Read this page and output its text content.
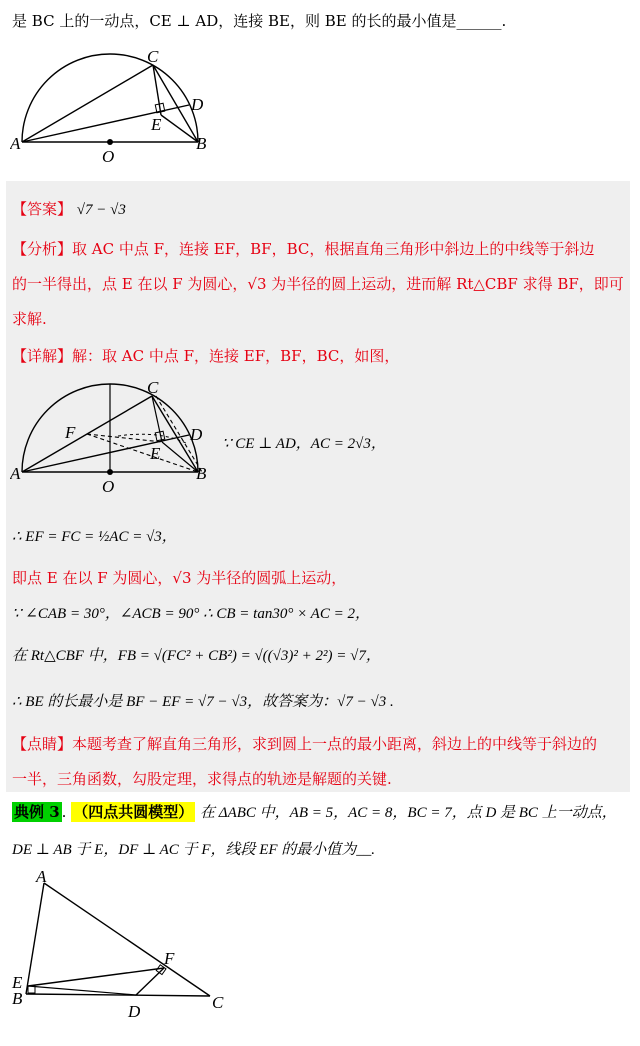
是 BC 上的一动点，CE ⊥ AD，连接 BE，则 BE 的长的最小值是______.
A	B
C
D
E
O
【答案】 √7 − √3
【分析】取 AC 中点 F，连接 EF，BF，BC，根据直角三角形中斜边上的中线等于斜边
的一半得出，点 E 在以 F 为圆心，√3 为半径的圆上运动，进而解 Rt△CBF 求得 BF，即可
求解.
【详解】解：取 AC 中点 F，连接 EF，BF，BC，如图，
A	B
C
D
E
F
O
∵ CE ⊥ AD，AC = 2√3，
∴ EF = FC = ½AC = √3，
即点 E 在以 F 为圆心，√3 为半径的圆弧上运动，
∵ ∠CAB = 30°，∠ACB = 90° ∴ CB = tan30° × AC = 2，
在 Rt△CBF 中，FB = √(FC² + CB²) = √((√3)² + 2²) = √7，
∴ BE 的长最小是 BF − EF = √7 − √3，故答案为：√7 − √3 .
【点睛】本题考查了解直角三角形，求到圆上一点的最小距离，斜边上的中线等于斜边的
一半，三角函数，勾股定理，求得点的轨迹是解题的关键.
典例 3 . （四点共圆模型） 在 ΔABC 中，AB = 5，AC = 8，BC = 7，点 D 是 BC 上一动点，
DE ⊥ AB 于 E，DF ⊥ AC 于 F，线段 EF 的最小值为__.
A
B	C
D
E
F
